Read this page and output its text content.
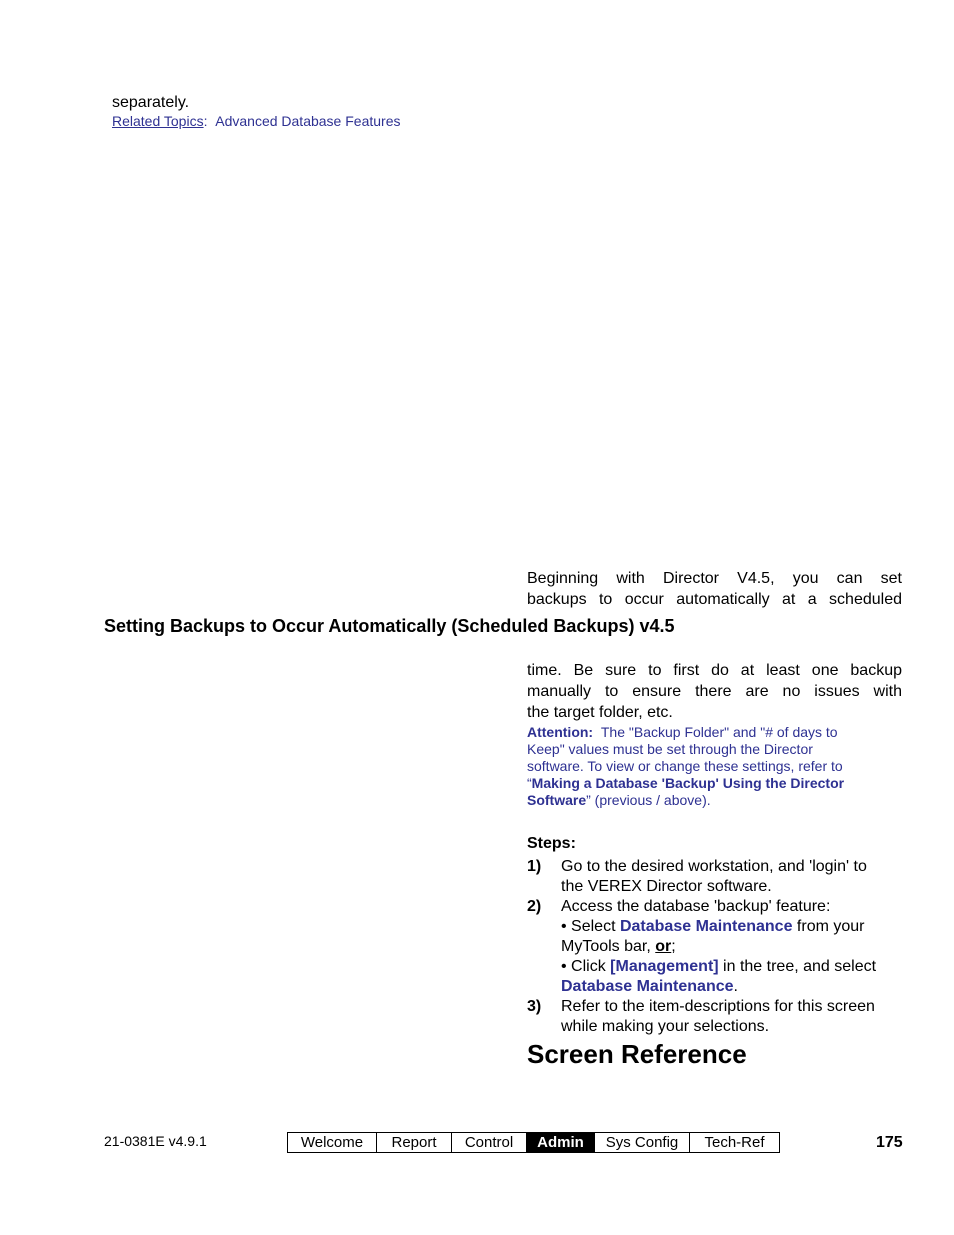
separately.
Related Topics: Advanced Database Features
Beginning with Director V4.5, you can set
backups to occur automatically at a scheduled
Setting Backups to Occur Automatically (Scheduled Backups) v4.5
time. Be sure to first do at least one backup
manually to ensure there are no issues with
the target folder, etc.
Attention: The "Backup Folder" and "# of days to
Keep" values must be set through the Director
software. To view or change these settings, refer to
“Making a Database 'Backup' Using the Director
Software” (previous / above).
Steps:
1) Go to the desired workstation, and 'login' to
the VEREX Director software.
2) Access the database 'backup' feature:
• Select Database Maintenance from your
MyTools bar, or;
• Click [Management] in the tree, and select
Database Maintenance.
3) Refer to the item-descriptions for this screen
while making your selections.
Screen Reference
21-0381E v4.9.1	Welcome	Report	Control	Admin	Sys Config	Tech-Ref	175
